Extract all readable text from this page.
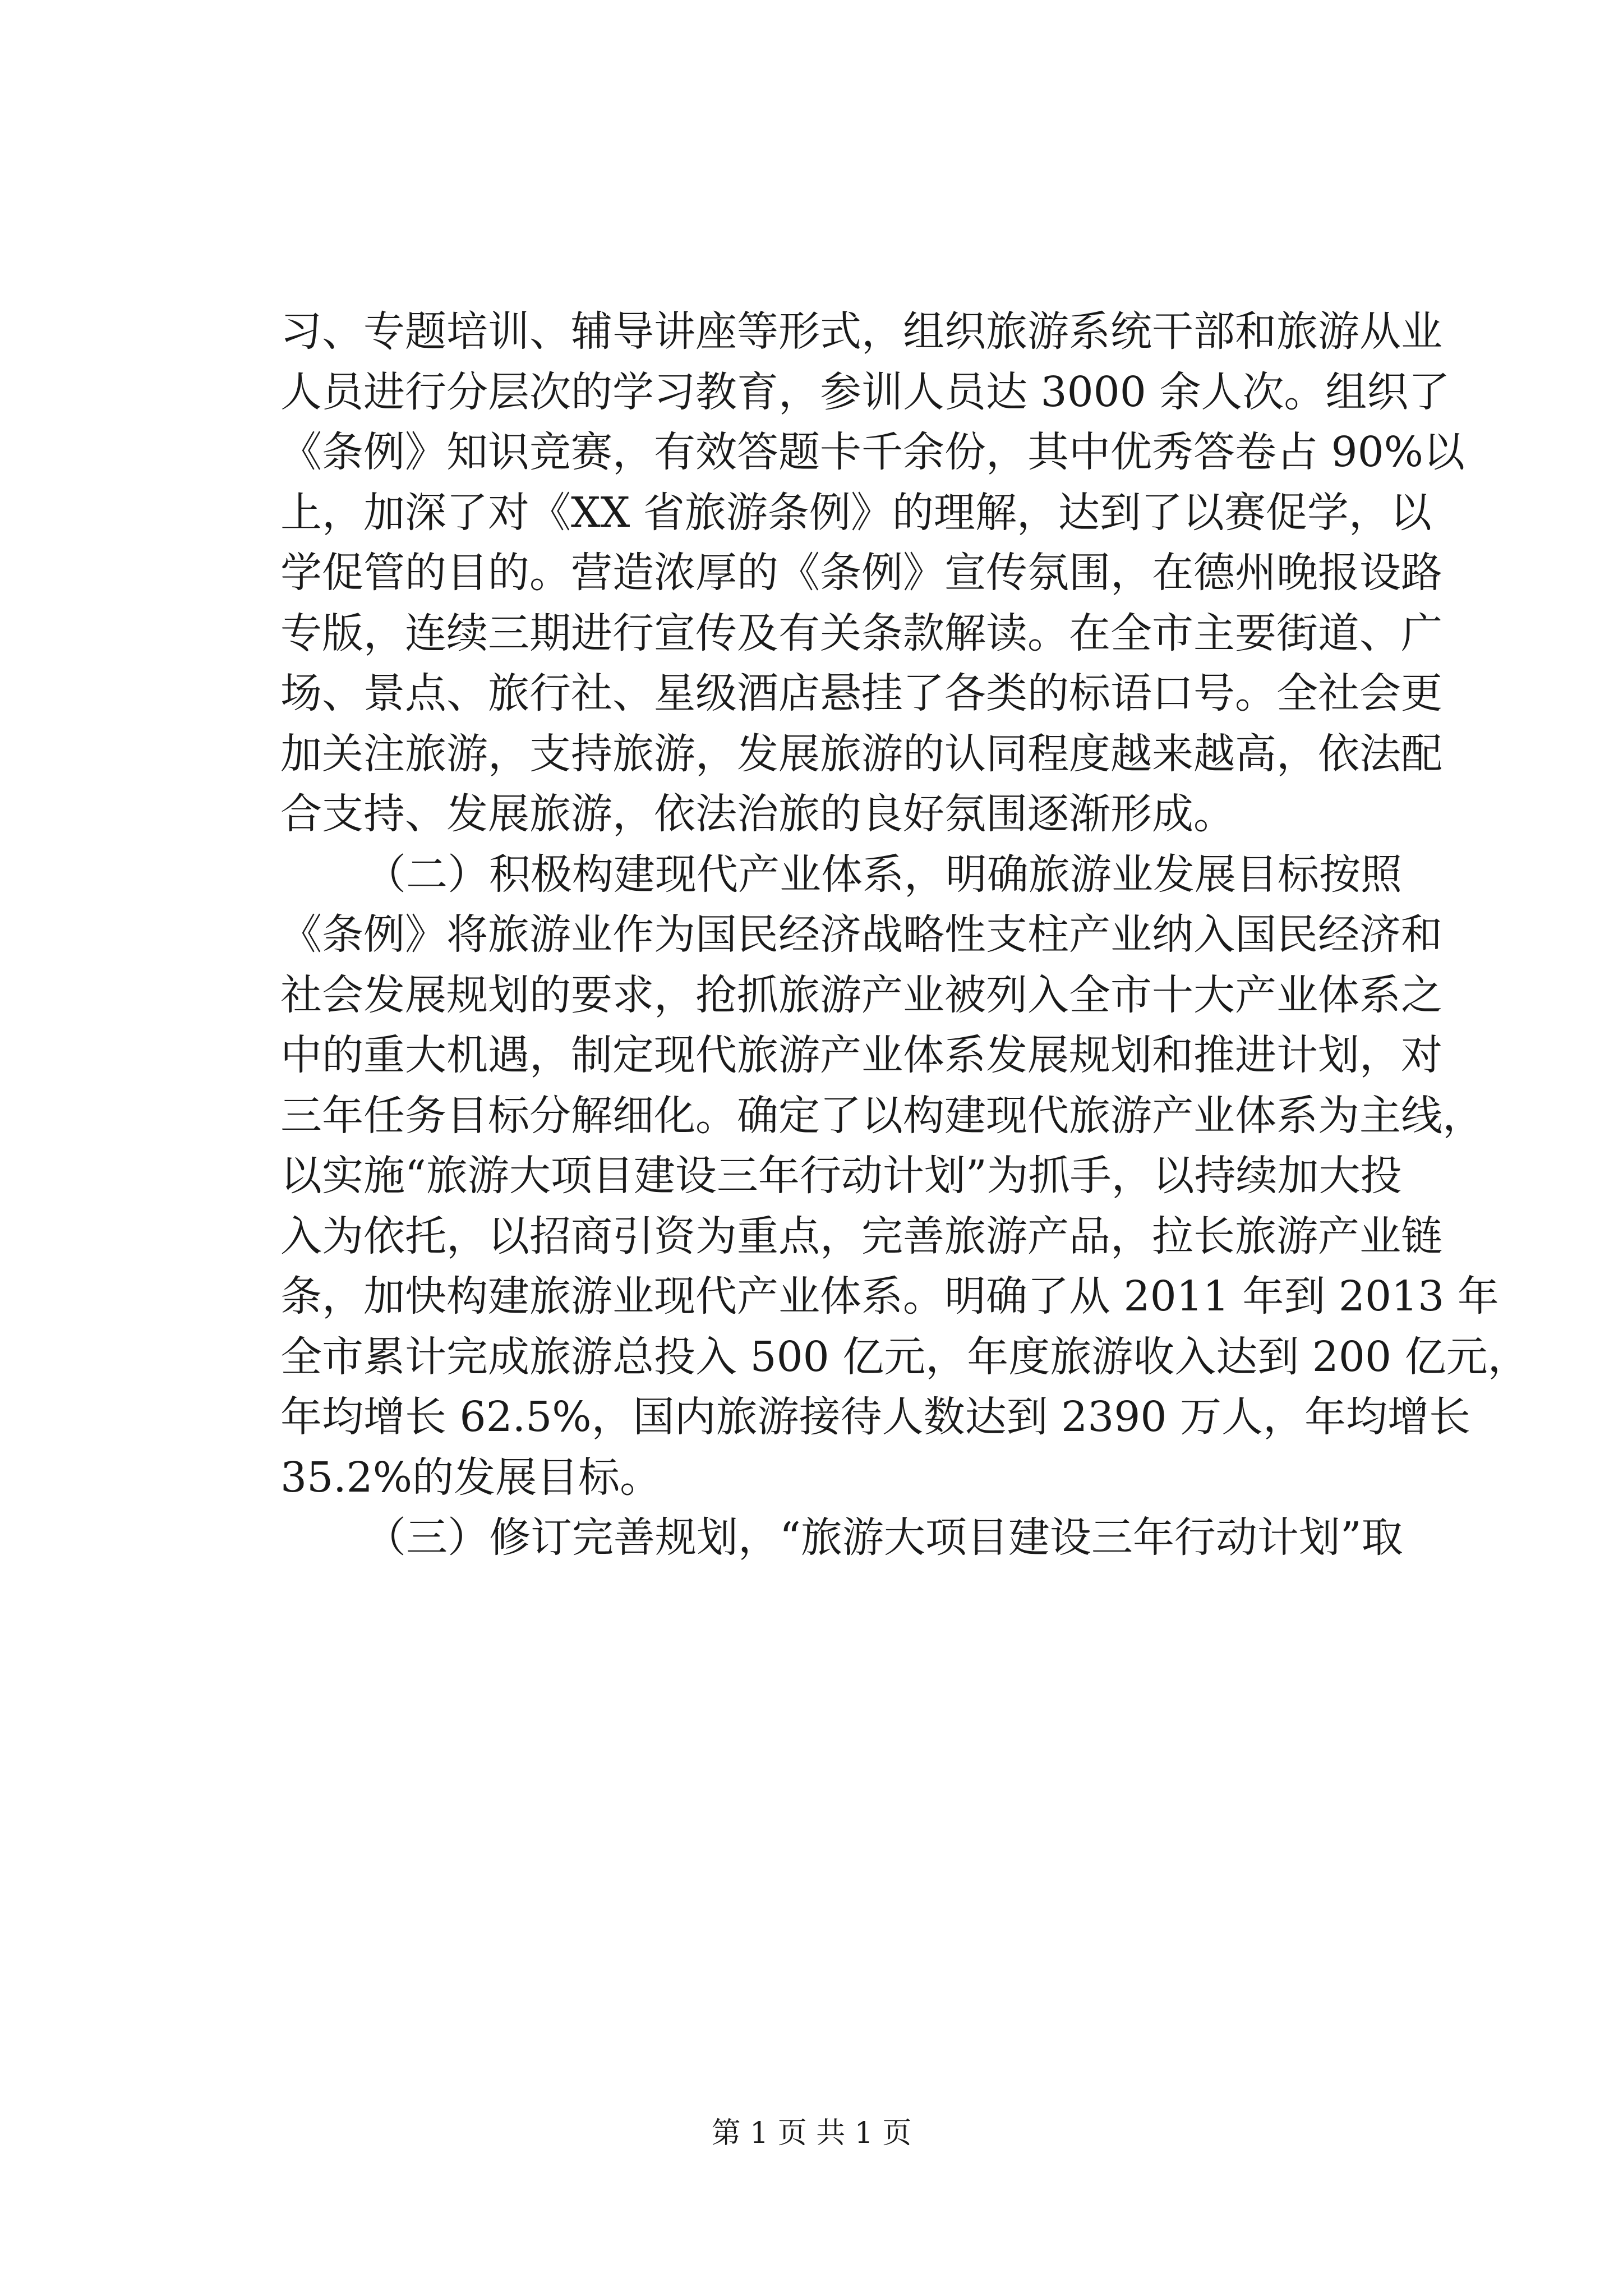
习、专题培训、辅导讲座等形式，组织旅游系统干部和旅游从业
人员进行分层次的学习教育，参训人员达 3000 余人次。组织了
《条例》知识竞赛，有效答题卡千余份，其中优秀答卷占 90%以
上，加深了对《XX 省旅游条例》的理解，达到了以赛促学，以
学促管的目的。营造浓厚的《条例》宣传氛围，在德州晚报设路
专版，连续三期进行宣传及有关条款解读。在全市主要街道、广
场、景点、旅行社、星级酒店悬挂了各类的标语口号。全社会更
加关注旅游，支持旅游，发展旅游的认同程度越来越高，依法配
合支持、发展旅游，依法治旅的良好氛围逐渐形成。
（二）积极构建现代产业体系，明确旅游业发展目标按照
《条例》将旅游业作为国民经济战略性支柱产业纳入国民经济和
社会发展规划的要求，抢抓旅游产业被列入全市十大产业体系之
中的重大机遇，制定现代旅游产业体系发展规划和推进计划，对
三年任务目标分解细化。确定了以构建现代旅游产业体系为主线，
以实施“旅游大项目建设三年行动计划”为抓手，以持续加大投
入为依托，以招商引资为重点，完善旅游产品，拉长旅游产业链
条，加快构建旅游业现代产业体系。明确了从 2011 年到 2013 年
全市累计完成旅游总投入 500 亿元，年度旅游收入达到 200 亿元，
年均增长 62.5%，国内旅游接待人数达到 2390 万人，年均增长
35.2%的发展目标。
（三）修订完善规划，“旅游大项目建设三年行动计划”取
第 1 页 共 1 页
